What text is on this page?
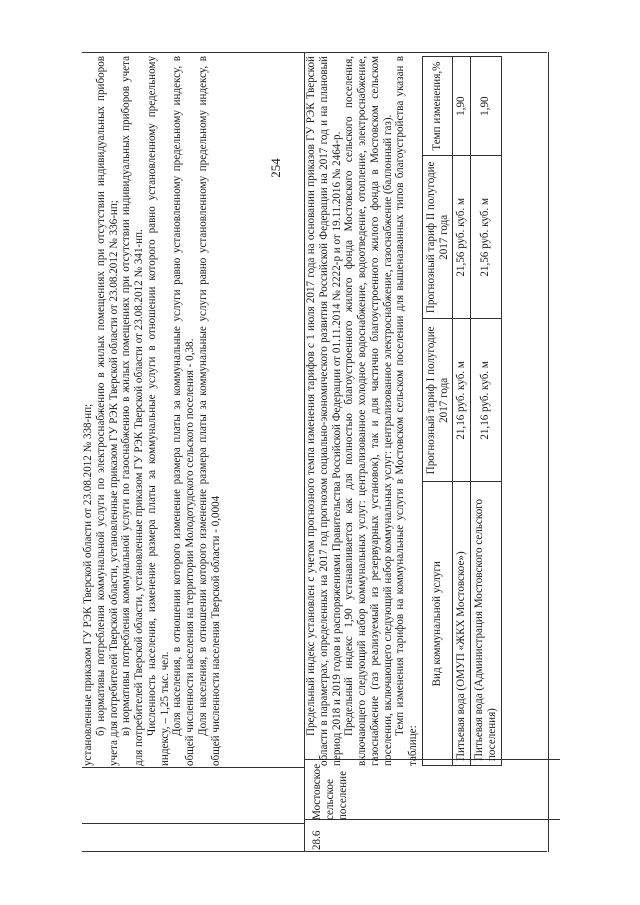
254

установленные приказом ГУ РЭК Тверской области от 23.08.2012 № 338-нп; б) нормативы потребления коммунальной услуги по электроснабжению в жилых помещениях при отсутствии индивидуальных приборов учета для потребителей Тверской области, установленные приказом ГУ РЭК Тверской области от 23.08.2012 № 336-нп; в) нормативы потребления коммунальной услуги по газоснабжению в жилых помещениях при отсутствии индивидуальных приборов учета для потребителей Тверской области, установленные приказом ГУ РЭК Тверской области от 23.08.2012 № 341-нп. Численность населения, изменение размера платы за коммунальные услуги в отношении которого равно установленному предельному индексу, – 1,25 тыс. чел. Доля населения, в отношении которого изменение размера платы за коммунальные услуги равно установленному предельному индексу, в общей численности населения на территории Молодотудского сельского поселения - 0,38. Доля населения, в отношении которого изменение размера платы за коммунальные услуги равно установленному предельному индексу, в общей численности населения Тверской области - 0,0004

28.6
Мостовское сельское поселение

Предельный индекс установлен с учетом прогнозного темпа изменения тарифов с 1 июля 2017 года на основании приказов ГУ РЭК Тверской области в параметрах, определенных на 2017 год прогнозом социально-экономического развития Российской Федерации на 2017 год и на плановый период 2018 и 2019 годов и распоряжениями Правительства Российской Федерации от 01.11.2014 № 2222-р и от 19.11.2016 № 2464-р. Предельный индекс 1,90 устанавливается как для полностью благоустроенного жилого фонда Мостовского сельского поселения, включающего следующий набор коммунальных услуг: централизованное холодное водоснабжение, водоотведение, отопление, электроснабжение, газоснабжение (газ реализуемый из резервуарных установок), так и для частично благоустроенного жилого фонда в Мостовском сельском поселении, включающего следующий набор коммунальных услуг: централизованное электроснабжение, газоснабжение (баллонный газ). Темп изменения тарифов на коммунальные услуги в Мостовском сельском поселении для вышеназванных типов благоустройства указан в таблице:

Вид коммунальной услуги	Прогнозный тариф I полугодие 2017 года	Прогнозный тариф II полугодие 2017 года	Темп изменения,%
Питьевая вода (ОМУП «ЖКХ Мостовское»)	21,16 руб. куб. м	21,56 руб. куб. м	1,90
Питьевая вода (Администрация Мостовского сельского поселения)	21,16 руб. куб. м	21,56 руб. куб. м	1,90
